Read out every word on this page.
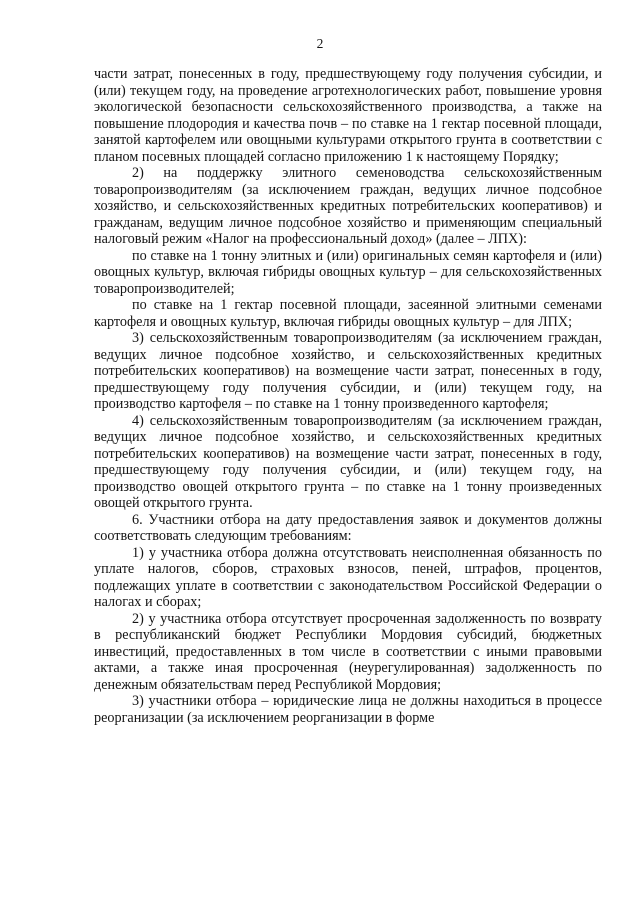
2

части затрат, понесенных в году, предшествующему году получения субсидии, и (или) текущем году, на проведение агротехнологических работ, повышение уровня экологической безопасности сельскохозяйственного производства, а также на повышение плодородия и качества почв – по ставке на 1 гектар посевной площади, занятой картофелем или овощными культурами открытого грунта в соответствии с планом посевных площадей согласно приложению 1 к настоящему Порядку;

2) на поддержку элитного семеноводства сельскохозяйственным товаропроизводителям (за исключением граждан, ведущих личное подсобное хозяйство, и сельскохозяйственных кредитных потребительских кооперативов) и гражданам, ведущим личное подсобное хозяйство и применяющим специальный налоговый режим «Налог на профессиональный доход» (далее – ЛПХ):

по ставке на 1 тонну элитных и (или) оригинальных семян картофеля и (или) овощных культур, включая гибриды овощных культур – для сельскохозяйственных товаропроизводителей;

по ставке на 1 гектар посевной площади, засеянной элитными семенами картофеля и овощных культур, включая гибриды овощных культур – для ЛПХ;

3) сельскохозяйственным товаропроизводителям (за исключением граждан, ведущих личное подсобное хозяйство, и сельскохозяйственных кредитных потребительских кооперативов) на возмещение части затрат, понесенных в году, предшествующему году получения субсидии, и (или) текущем году, на производство картофеля – по ставке на 1 тонну произведенного картофеля;

4) сельскохозяйственным товаропроизводителям (за исключением граждан, ведущих личное подсобное хозяйство, и сельскохозяйственных кредитных потребительских кооперативов) на возмещение части затрат, понесенных в году, предшествующему году получения субсидии, и (или) текущем году, на производство овощей открытого грунта – по ставке на 1 тонну произведенных овощей открытого грунта.

6. Участники отбора на дату предоставления заявок и документов должны соответствовать следующим требованиям:

1) у участника отбора должна отсутствовать неисполненная обязанность по уплате налогов, сборов, страховых взносов, пеней, штрафов, процентов, подлежащих уплате в соответствии с законодательством Российской Федерации о налогах и сборах;

2) у участника отбора отсутствует просроченная задолженность по возврату в республиканский бюджет Республики Мордовия субсидий, бюджетных инвестиций, предоставленных в том числе в соответствии с иными правовыми актами, а также иная просроченная (неурегулированная) задолженность по денежным обязательствам перед Республикой Мордовия;

3) участники отбора – юридические лица не должны находиться в процессе реорганизации (за исключением реорганизации в форме
